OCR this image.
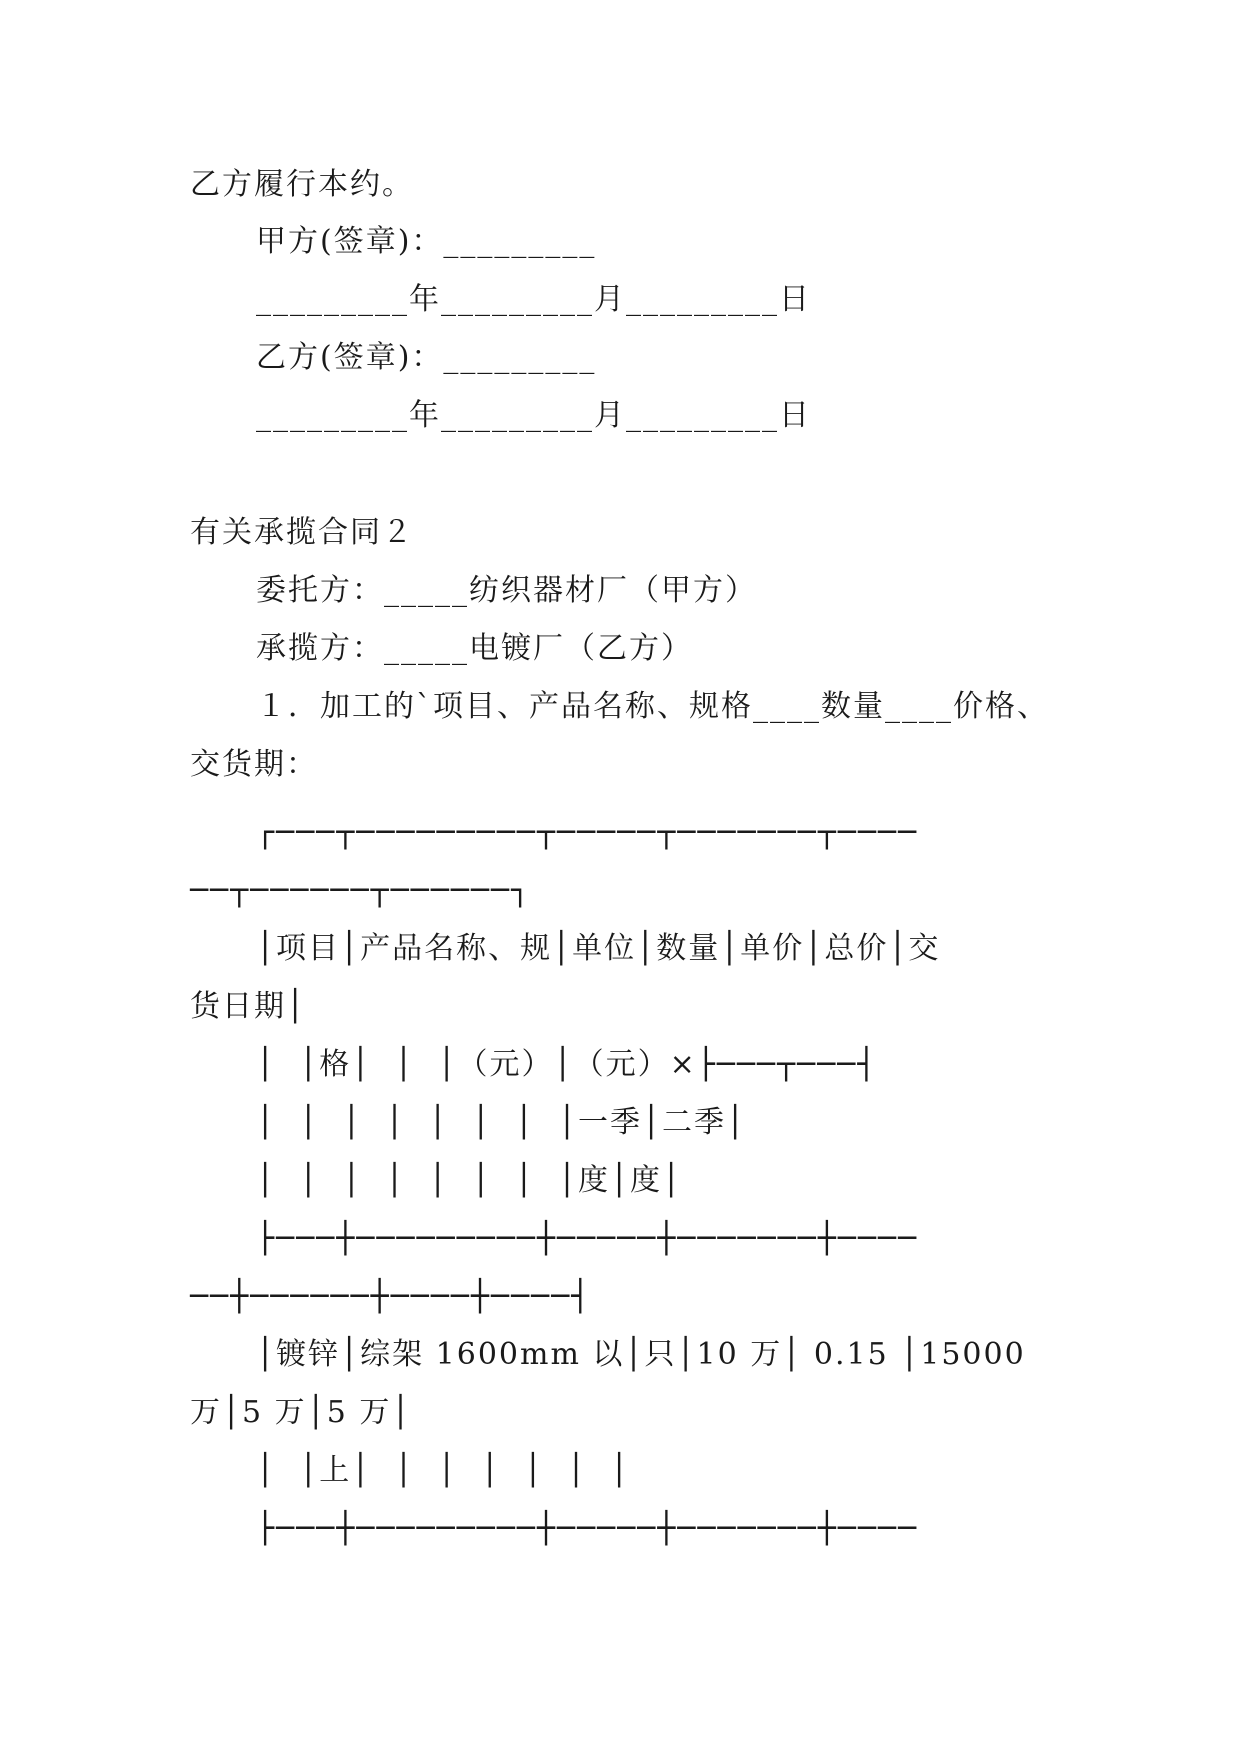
乙方履行本约。
甲方(签章)：_________
_________年_________月_________日
乙方(签章)：_________
_________年_________月_________日
有关承揽合同２
委托方：_____纺织器材厂（甲方）
承揽方：_____电镀厂（乙方）
１．加工的`项目、产品名称、规格____数量____价格、
交货期：
┌───┬─────────┬─────┬───────┬────
──┬──────┬──────┐
│项目│产品名称、规│单位│数量│单价│总价│交
货日期│
│  │格│  │  │（元）│（元）×├───┬───┤
│  │  │  │  │  │  │  │一季│二季│
│  │  │  │  │  │  │  │度│度│
├───┼─────────┼─────┼───────┼────
──┼──────┼────┼────┤
│镀锌│综架 1600mm 以│只│10 万│ 0.15 │15000
万│5 万│5 万│
│  │上│  │  │  │  │  │  │
├───┼─────────┼─────┼───────┼────
